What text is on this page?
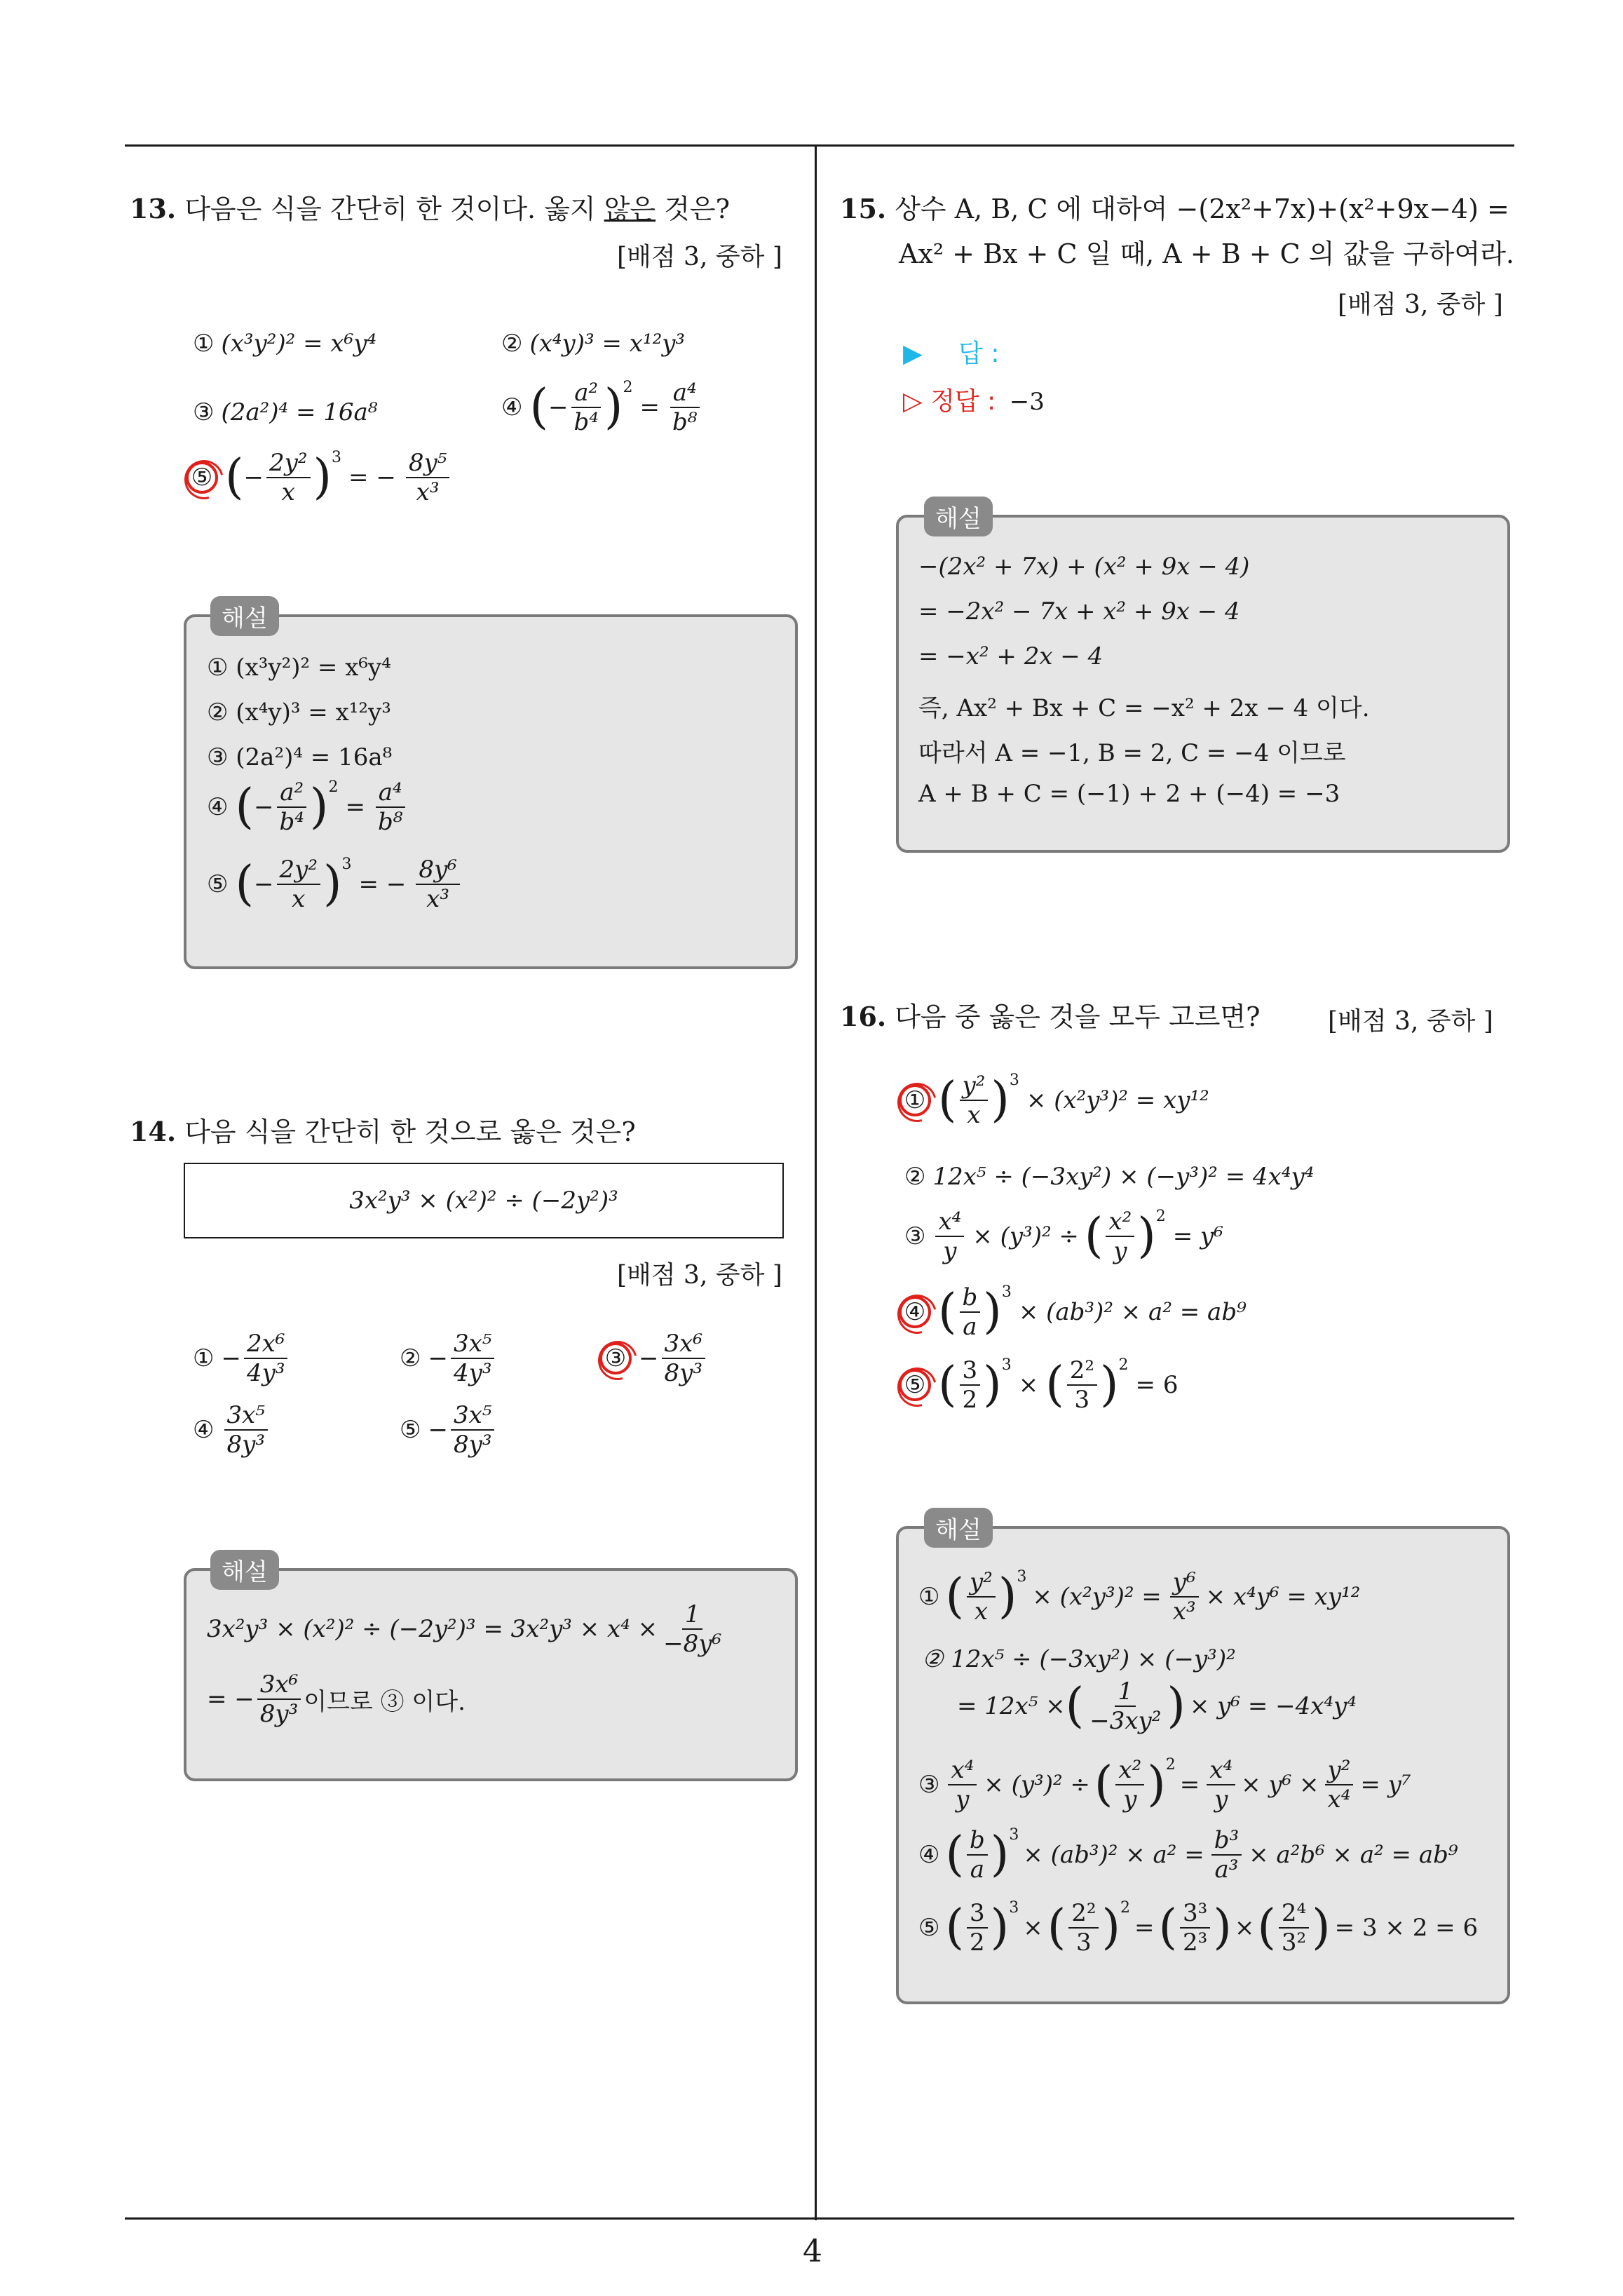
4
13. 다음은 식을 간단히 한 것이다. 옳지 않은 것은?
[배점 3, 중하 ]
① (x³y²)² = x⁶y⁴	② (x⁴y)³ = x¹²y³
③ (2a²)⁴ = 16a⁸	④ ( − $\frac{\text{a²}}{\text{b⁴}}$ ) 2
= $\frac{\text{a⁴}}{\text{b⁸}}$
⑤ ( − $\frac{\text{2y²}}{x}$ ) 3
= − $\frac{\text{8y⁵}}{\text{x³}}$
해설
① (x³y²)² = x⁶y⁴
② (x⁴y)³ = x¹²y³
③ (2a²)⁴ = 16a⁸
④ ( − $\frac{\text{a²}}{\text{b⁴}}$ ) 2
= $\frac{\text{a⁴}}{\text{b⁸}}$
⑤ ( − $\frac{\text{2y²}}{x}$ ) 3
= − $\frac{\text{8y⁶}}{\text{x³}}$
14. 다음 식을 간단히 한 것으로 옳은 것은?
3x²y³ × (x²)² ÷ (−2y²)³
[배점 3, 중하 ]
① − $\frac{\text{2x⁶}}{\text{4y³}}$	② − $\frac{\text{3x⁵}}{\text{4y³}}$	③ − $\frac{\text{3x⁶}}{\text{8y³}}$
④ $\frac{\text{3x⁵}}{\text{8y³}}$	⑤ − $\frac{\text{3x⁵}}{\text{8y³}}$
해설
$3x^2y^3 \times (x^2)^2 \div (-2y^2)^3 = 3x^2y^3 \times x^4 \times \frac{1}{\text{−8y⁶}}$
= − $\frac{\text{3x⁶}}{\text{8y³}}$ 이므로 ③ 이다.
15. 상수 A, B, C 에 대하여 −(2x²+7x)+(x²+9x−4) =
Ax² + Bx + C 일 때, A + B + C 의 값을 구하여라.
[배점 3, 중하 ]
▶ 답 :
▷ 정답 : −3
해설
−(2x² + 7x) + (x² + 9x − 4)
= −2x² − 7x + x² + 9x − 4
= −x² + 2x − 4
즉, Ax² + Bx + C = −x² + 2x − 4 이다.
따라서 A = −1, B = 2, C = −4 이므로
A + B + C = (−1) + 2 + (−4) = −3
16. 다음 중 옳은 것을 모두 고르면?	[배점 3, 중하 ]
① ( $\frac{\text{y²}}{x}$ ) 3
× (x²y³)² = xy¹²
② 12x⁵ ÷ (−3xy²) × (−y³)² = 4x⁴y⁴
③ $\frac{\text{x⁴}}{y} \times (y^3)^2$ ÷ ( $\frac{\text{x²}}{y}$ ) 2
= y⁶
④ ( $\frac{b}{a}$ ) 3
× (ab³)² × a² = ab⁹
⑤ ( $\frac{3}{2}$ ) 3
× ( $\frac{\text{2²}}{3}$ ) 2
= 6
해설
① ( $\frac{\text{y²}}{x}$ ) 3
× $(x^2y^3)^2 = \frac{\text{y⁶}}{\text{x³}} \times x^4y^6 = xy^{12}$
② 12x⁵ ÷ (−3xy²) × (−y³)²
= 12x⁵ × ( $\frac{1}{\text{−3xy²}}$ ) × y⁶ = −4x⁴y⁴
③ $\frac{\text{x⁴}}{y} \times (y^3)^2$ ÷ ( $\frac{\text{x²}}{y}$ ) 2
= $\frac{\text{x⁴}}{y} \times y^6 \times \frac{\text{y²}}{\text{x⁴}} = y^7$
④ ( $\frac{b}{a}$ ) 3
× $(ab^3)^2 \times a^2 = \frac{\text{b³}}{\text{a³}} \times a^2b^6 \times a^2 = ab^9$
⑤ ( $\frac{3}{2}$ ) 3
× ( $\frac{\text{2²}}{3}$ ) 2
= ( $\frac{\text{3³}}{\text{2³}}$ ) × ( $\frac{\text{2⁴}}{\text{3²}}$ ) = 3 × 2 = 6
